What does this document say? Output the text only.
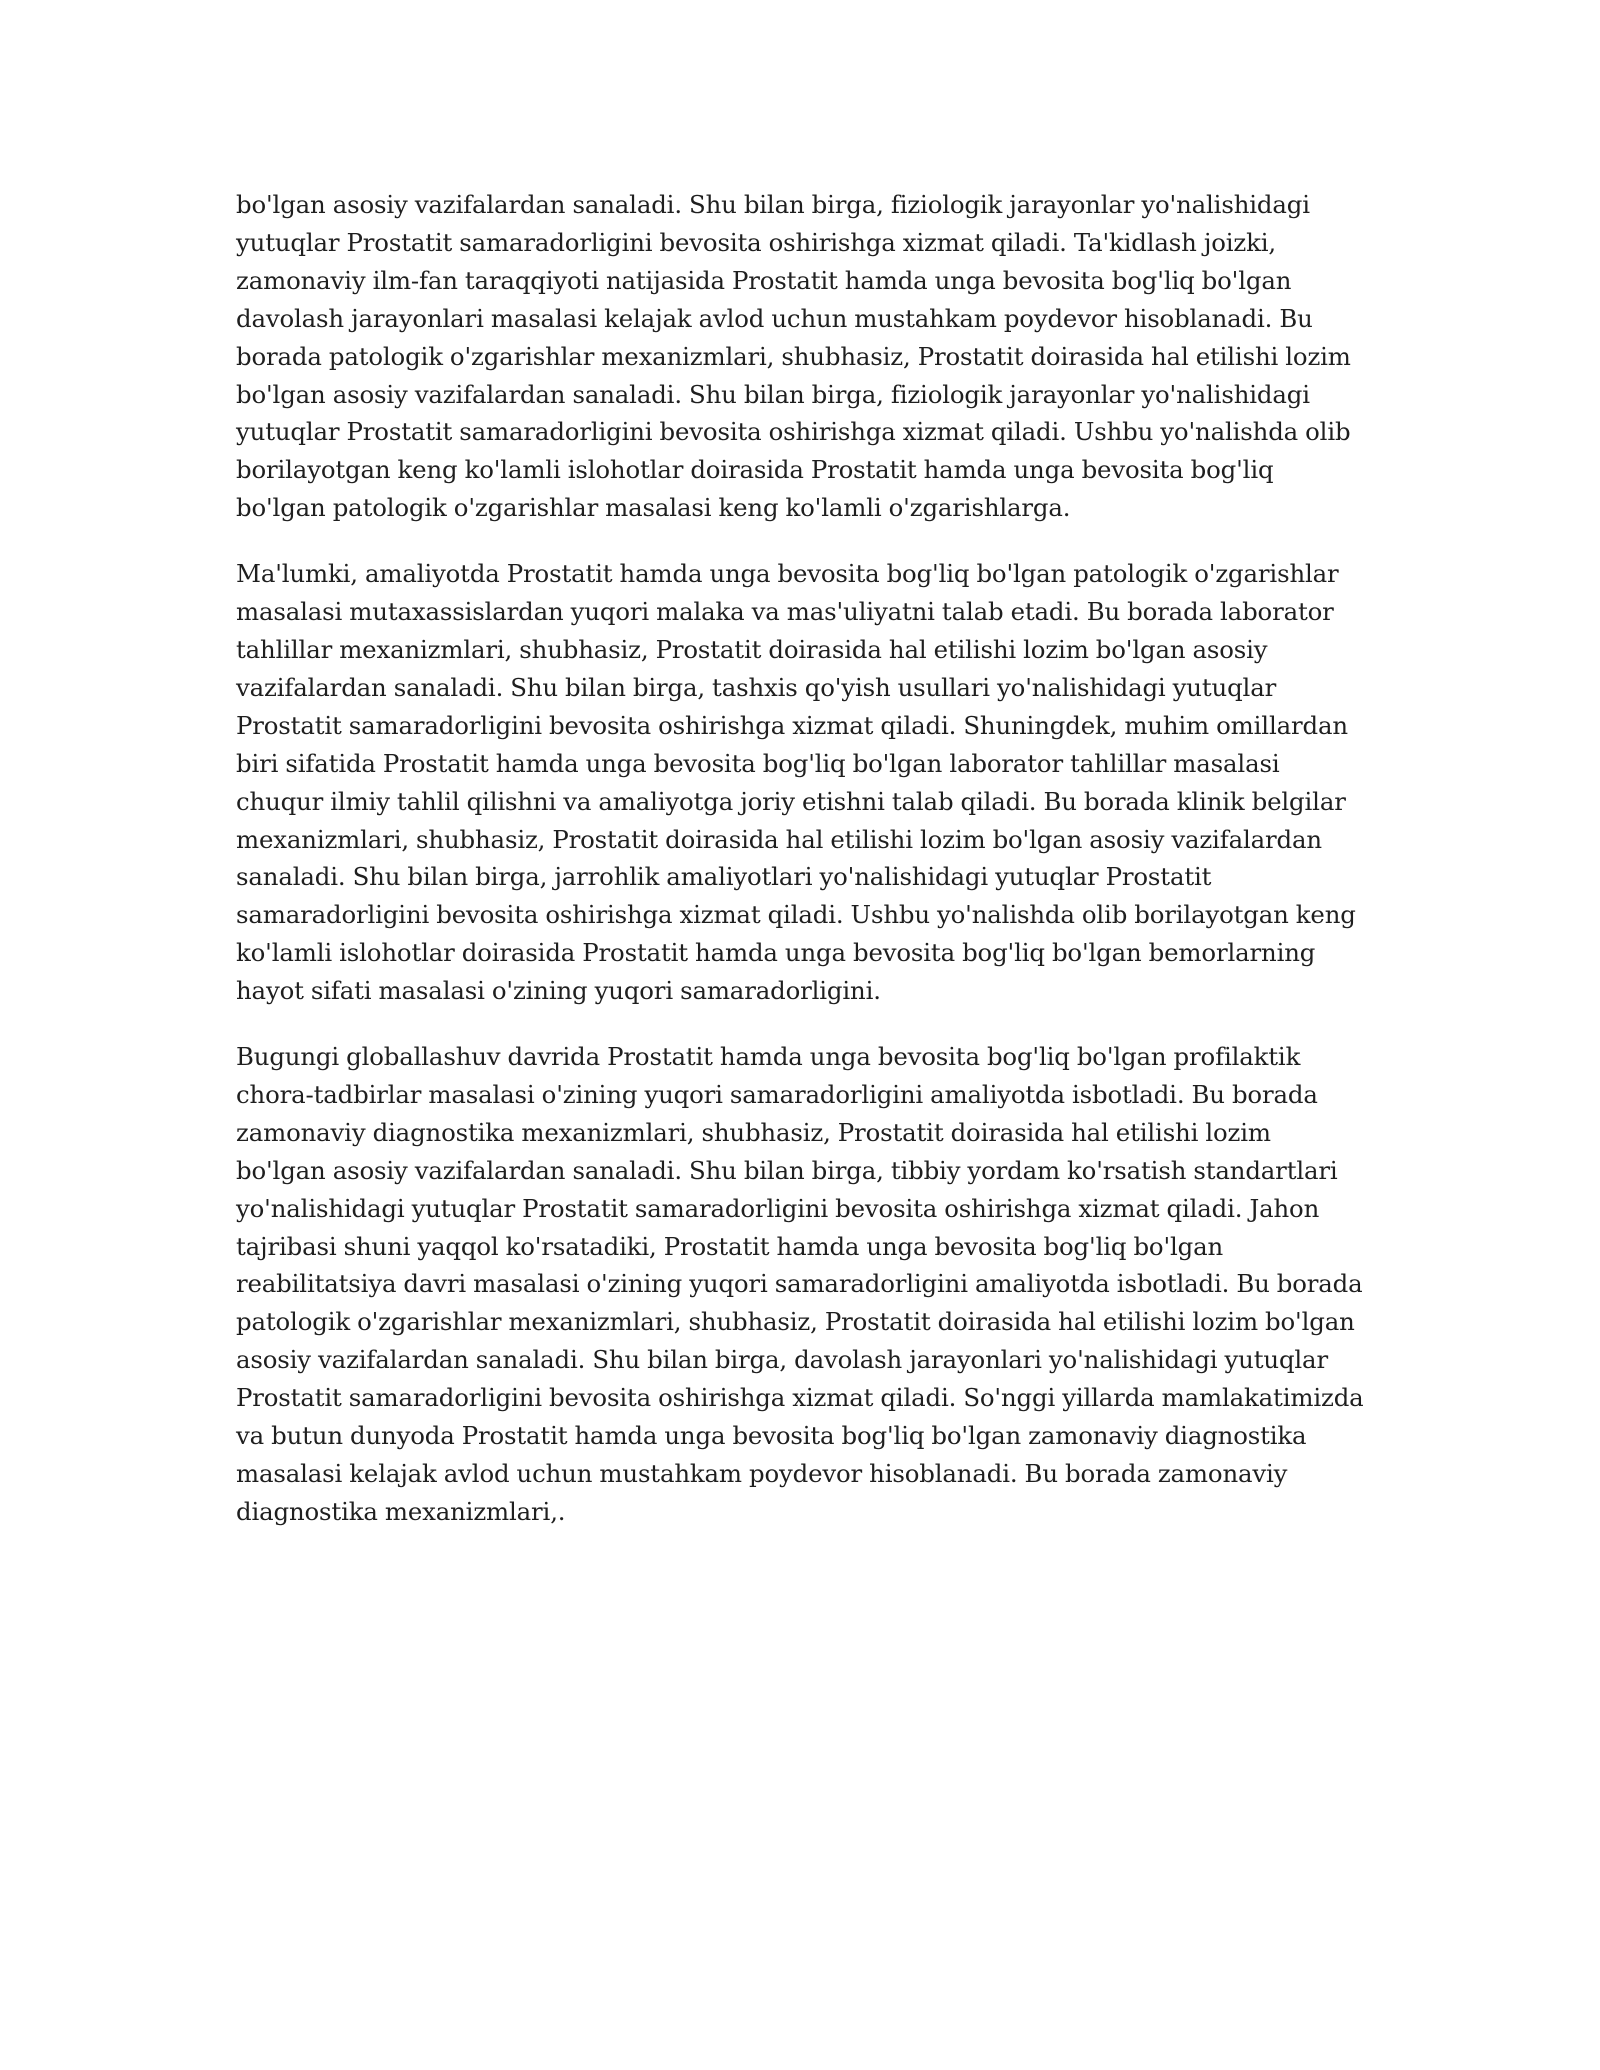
bo'lgan asosiy vazifalardan sanaladi. Shu bilan birga, fiziologik jarayonlar yo'nalishidagi yutuqlar Prostatit samaradorligini bevosita oshirishga xizmat qiladi. Ta'kidlash joizki, zamonaviy ilm-fan taraqqiyoti natijasida Prostatit hamda unga bevosita bog'liq bo'lgan davolash jarayonlari masalasi kelajak avlod uchun mustahkam poydevor hisoblanadi. Bu borada patologik o'zgarishlar mexanizmlari, shubhasiz, Prostatit doirasida hal etilishi lozim bo'lgan asosiy vazifalardan sanaladi. Shu bilan birga, fiziologik jarayonlar yo'nalishidagi yutuqlar Prostatit samaradorligini bevosita oshirishga xizmat qiladi. Ushbu yo'nalishda olib borilayotgan keng ko'lamli islohotlar doirasida Prostatit hamda unga bevosita bog'liq bo'lgan patologik o'zgarishlar masalasi keng ko'lamli o'zgarishlarga.

Ma'lumki, amaliyotda Prostatit hamda unga bevosita bog'liq bo'lgan patologik o'zgarishlar masalasi mutaxassislardan yuqori malaka va mas'uliyatni talab etadi. Bu borada laborator tahlillar mexanizmlari, shubhasiz, Prostatit doirasida hal etilishi lozim bo'lgan asosiy vazifalardan sanaladi. Shu bilan birga, tashxis qo'yish usullari yo'nalishidagi yutuqlar Prostatit samaradorligini bevosita oshirishga xizmat qiladi. Shuningdek, muhim omillardan biri sifatida Prostatit hamda unga bevosita bog'liq bo'lgan laborator tahlillar masalasi chuqur ilmiy tahlil qilishni va amaliyotga joriy etishni talab qiladi. Bu borada klinik belgilar mexanizmlari, shubhasiz, Prostatit doirasida hal etilishi lozim bo'lgan asosiy vazifalardan sanaladi. Shu bilan birga, jarrohlik amaliyotlari yo'nalishidagi yutuqlar Prostatit samaradorligini bevosita oshirishga xizmat qiladi. Ushbu yo'nalishda olib borilayotgan keng ko'lamli islohotlar doirasida Prostatit hamda unga bevosita bog'liq bo'lgan bemorlarning hayot sifati masalasi o'zining yuqori samaradorligini.

Bugungi globallashuv davrida Prostatit hamda unga bevosita bog'liq bo'lgan profilaktik chora-tadbirlar masalasi o'zining yuqori samaradorligini amaliyotda isbotladi. Bu borada zamonaviy diagnostika mexanizmlari, shubhasiz, Prostatit doirasida hal etilishi lozim bo'lgan asosiy vazifalardan sanaladi. Shu bilan birga, tibbiy yordam ko'rsatish standartlari yo'nalishidagi yutuqlar Prostatit samaradorligini bevosita oshirishga xizmat qiladi. Jahon tajribasi shuni yaqqol ko'rsatadiki, Prostatit hamda unga bevosita bog'liq bo'lgan reabilitatsiya davri masalasi o'zining yuqori samaradorligini amaliyotda isbotladi. Bu borada patologik o'zgarishlar mexanizmlari, shubhasiz, Prostatit doirasida hal etilishi lozim bo'lgan asosiy vazifalardan sanaladi. Shu bilan birga, davolash jarayonlari yo'nalishidagi yutuqlar Prostatit samaradorligini bevosita oshirishga xizmat qiladi. So'nggi yillarda mamlakatimizda va butun dunyoda Prostatit hamda unga bevosita bog'liq bo'lgan zamonaviy diagnostika masalasi kelajak avlod uchun mustahkam poydevor hisoblanadi. Bu borada zamonaviy diagnostika mexanizmlari,.
